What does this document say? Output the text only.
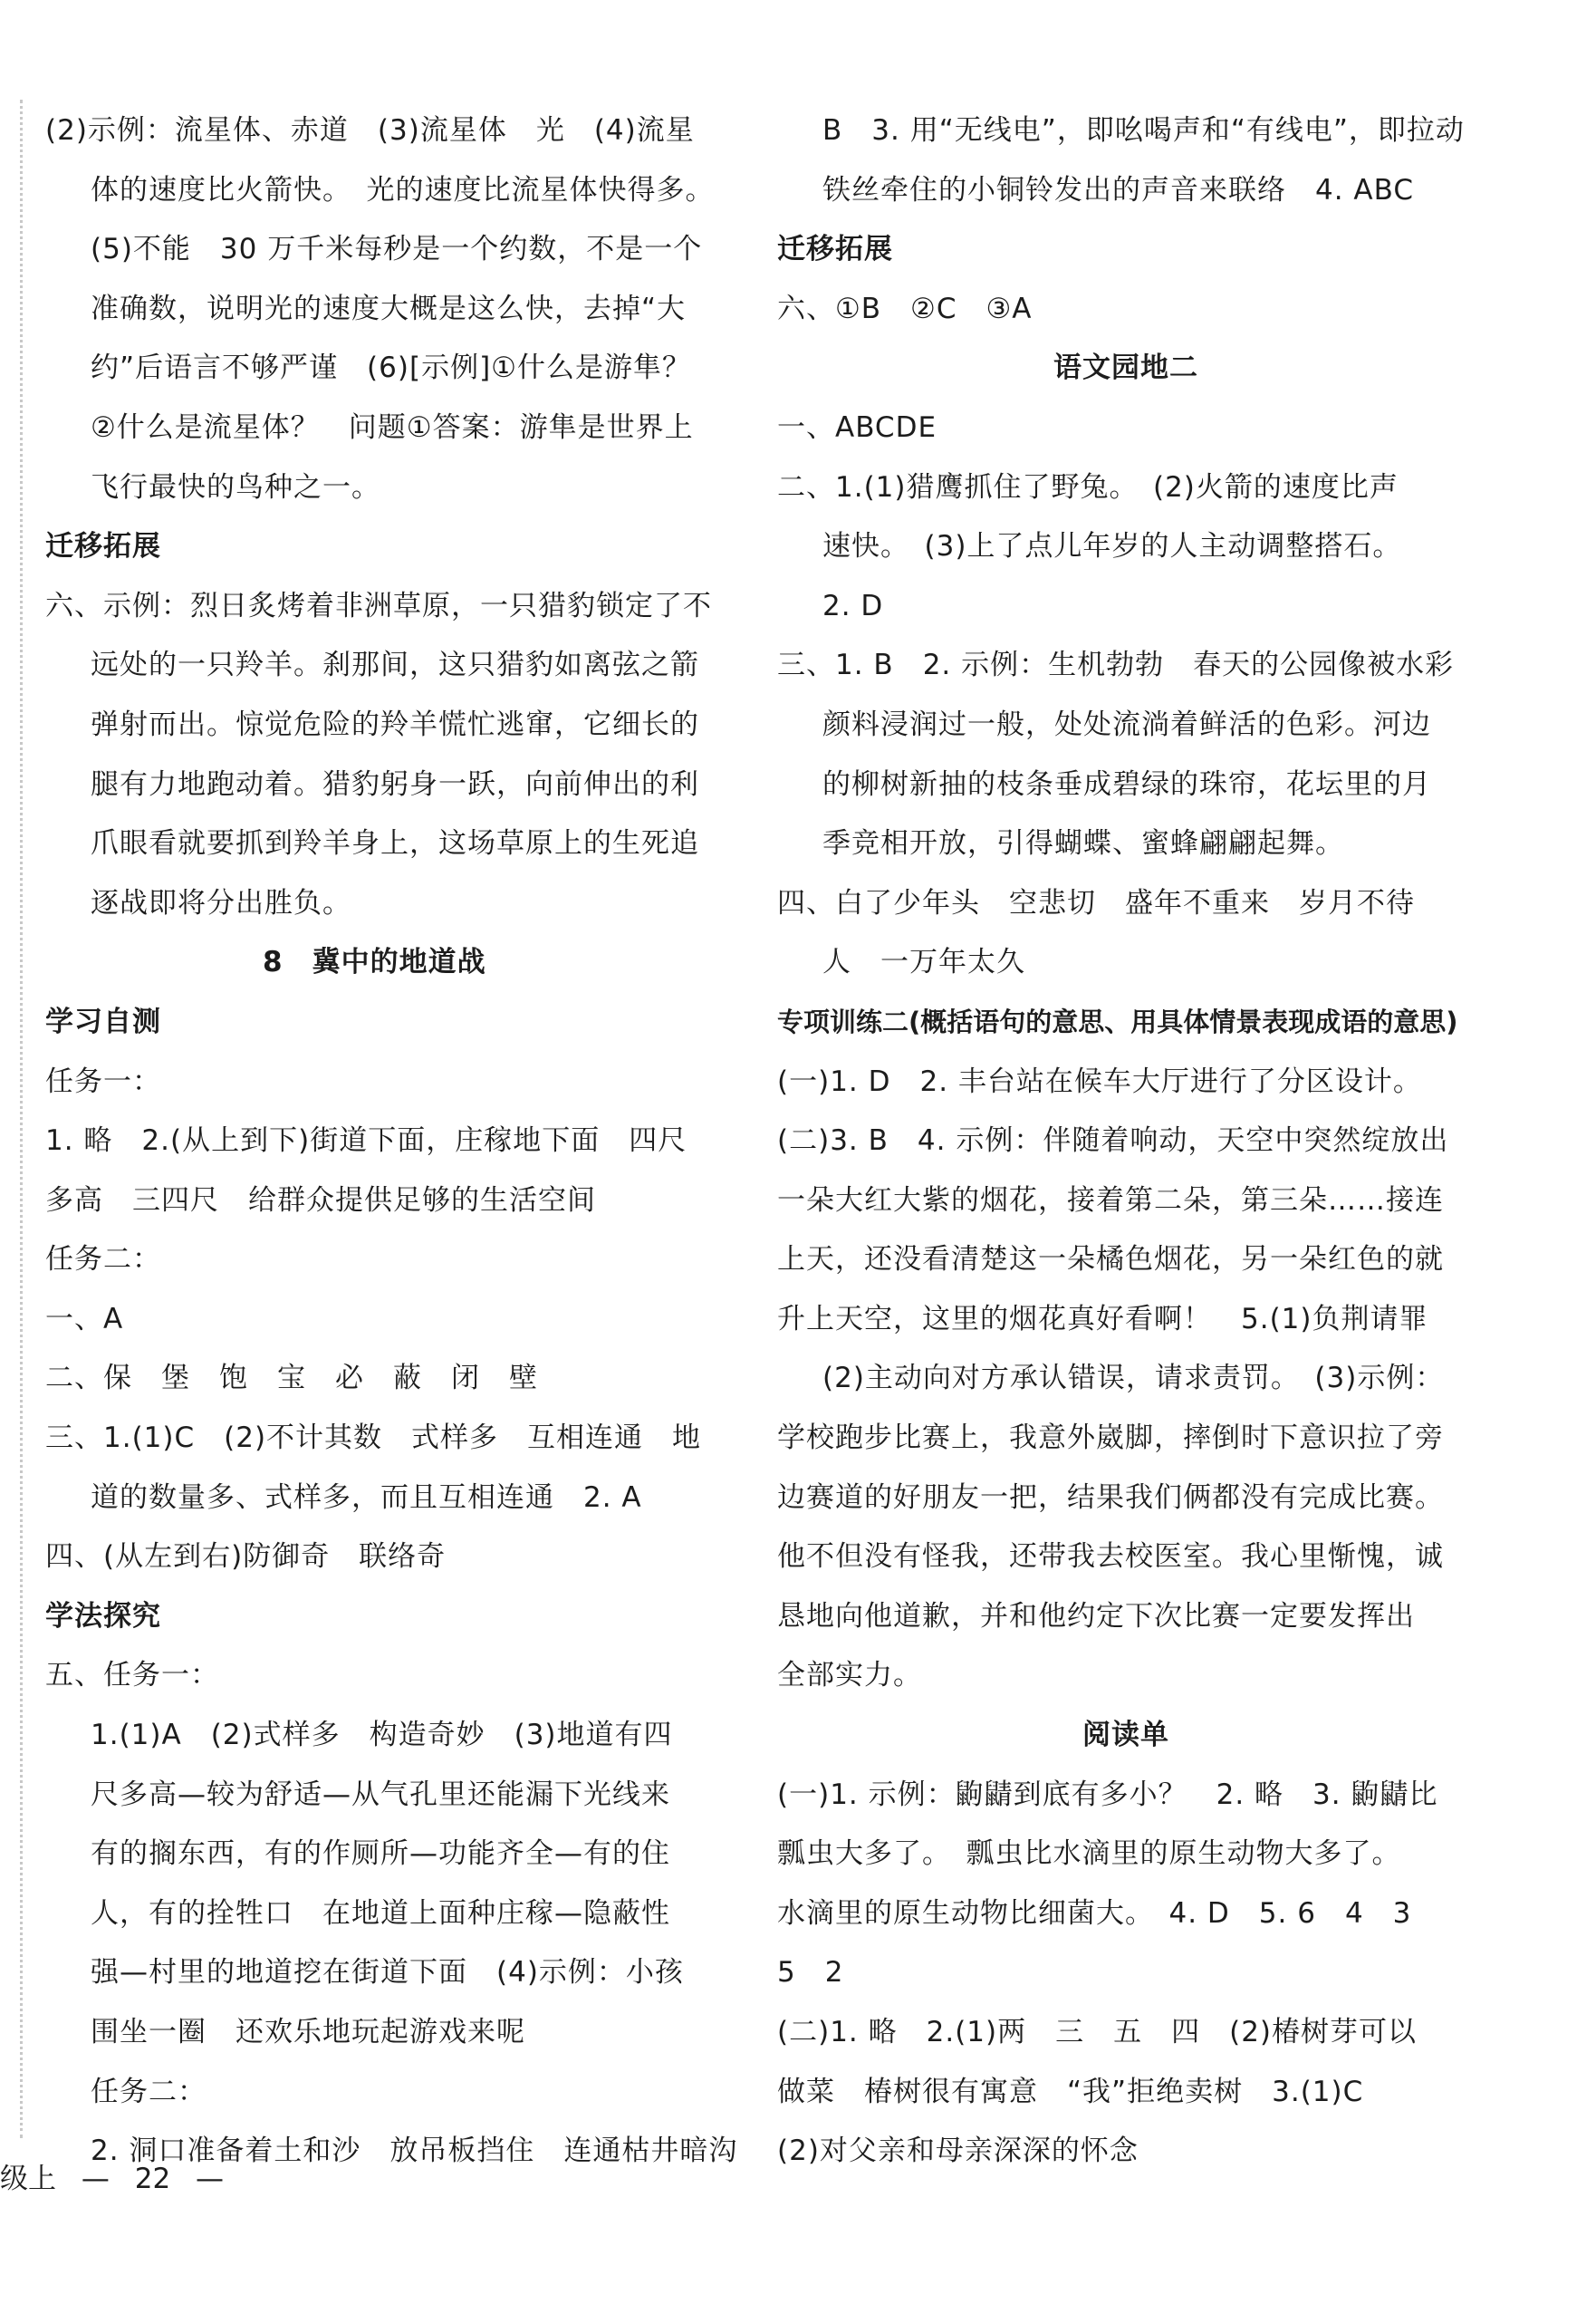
(2)示例：流星体、赤道　(3)流星体　光　(4)流星
体的速度比火箭快。　光的速度比流星体快得多。
(5)不能　30 万千米每秒是一个约数，不是一个
准确数，说明光的速度大概是这么快，去掉“大
约”后语言不够严谨　(6)[示例]①什么是游隼？
②什么是流星体？　问题①答案：游隼是世界上
飞行最快的鸟种之一。
迁移拓展
六、示例：烈日炙烤着非洲草原，一只猎豹锁定了不
远处的一只羚羊。刹那间，这只猎豹如离弦之箭
弹射而出。惊觉危险的羚羊慌忙逃窜，它细长的
腿有力地跑动着。猎豹躬身一跃，向前伸出的利
爪眼看就要抓到羚羊身上，这场草原上的生死追
逐战即将分出胜负。
8　冀中的地道战
学习自测
任务一：
1. 略　2.(从上到下)街道下面，庄稼地下面　四尺
多高　三四尺　给群众提供足够的生活空间
任务二：
一、A
二、保　堡　饱　宝　必　蔽　闭　壁
三、1.(1)C　(2)不计其数　式样多　互相连通　地
道的数量多、式样多，而且互相连通　2. A
四、(从左到右)防御奇　联络奇
学法探究
五、任务一：
1.(1)A　(2)式样多　构造奇妙　(3)地道有四
尺多高—较为舒适—从气孔里还能漏下光线来
有的搁东西，有的作厕所—功能齐全—有的住
人，有的拴牲口　在地道上面种庄稼—隐蔽性
强—村里的地道挖在街道下面　(4)示例：小孩
围坐一圈　还欢乐地玩起游戏来呢
任务二：
2. 洞口准备着土和沙　放吊板挡住　连通枯井暗沟
B　3. 用“无线电”，即吆喝声和“有线电”，即拉动
铁丝牵住的小铜铃发出的声音来联络　4. ABC
迁移拓展
六、①B　②C　③A
语文园地二
一、ABCDE
二、1.(1)猎鹰抓住了野兔。　(2)火箭的速度比声
速快。　(3)上了点儿年岁的人主动调整搭石。
2. D
三、1. B　2. 示例：生机勃勃　春天的公园像被水彩
颜料浸润过一般，处处流淌着鲜活的色彩。河边
的柳树新抽的枝条垂成碧绿的珠帘，花坛里的月
季竞相开放，引得蝴蝶、蜜蜂翩翩起舞。
四、白了少年头　空悲切　盛年不重来　岁月不待
人　一万年太久
专项训练二(概括语句的意思、用具体情景表现成语的意思)
(一)1. D　2. 丰台站在候车大厅进行了分区设计。
(二)3. B　4. 示例：伴随着响动，天空中突然绽放出
一朵大红大紫的烟花，接着第二朵，第三朵……接连
上天，还没看清楚这一朵橘色烟花，另一朵红色的就
升上天空，这里的烟花真好看啊！　5.(1)负荆请罪
(2)主动向对方承认错误，请求责罚。　(3)示例：
学校跑步比赛上，我意外崴脚，摔倒时下意识拉了旁
边赛道的好朋友一把，结果我们俩都没有完成比赛。
他不但没有怪我，还带我去校医室。我心里惭愧，诚
恳地向他道歉，并和他约定下次比赛一定要发挥出
全部实力。
阅读单
(一)1. 示例：鼩鼱到底有多小？　2. 略　3. 鼩鼱比
瓢虫大多了。　瓢虫比水滴里的原生动物大多了。
水滴里的原生动物比细菌大。　4. D　5. 6　4　3
5　2
(二)1. 略　2.(1)两　三　五　四　(2)椿树芽可以
做菜　椿树很有寓意　“我”拒绝卖树　3.(1)C
(2)对父亲和母亲深深的怀念
级上 — 22 —
